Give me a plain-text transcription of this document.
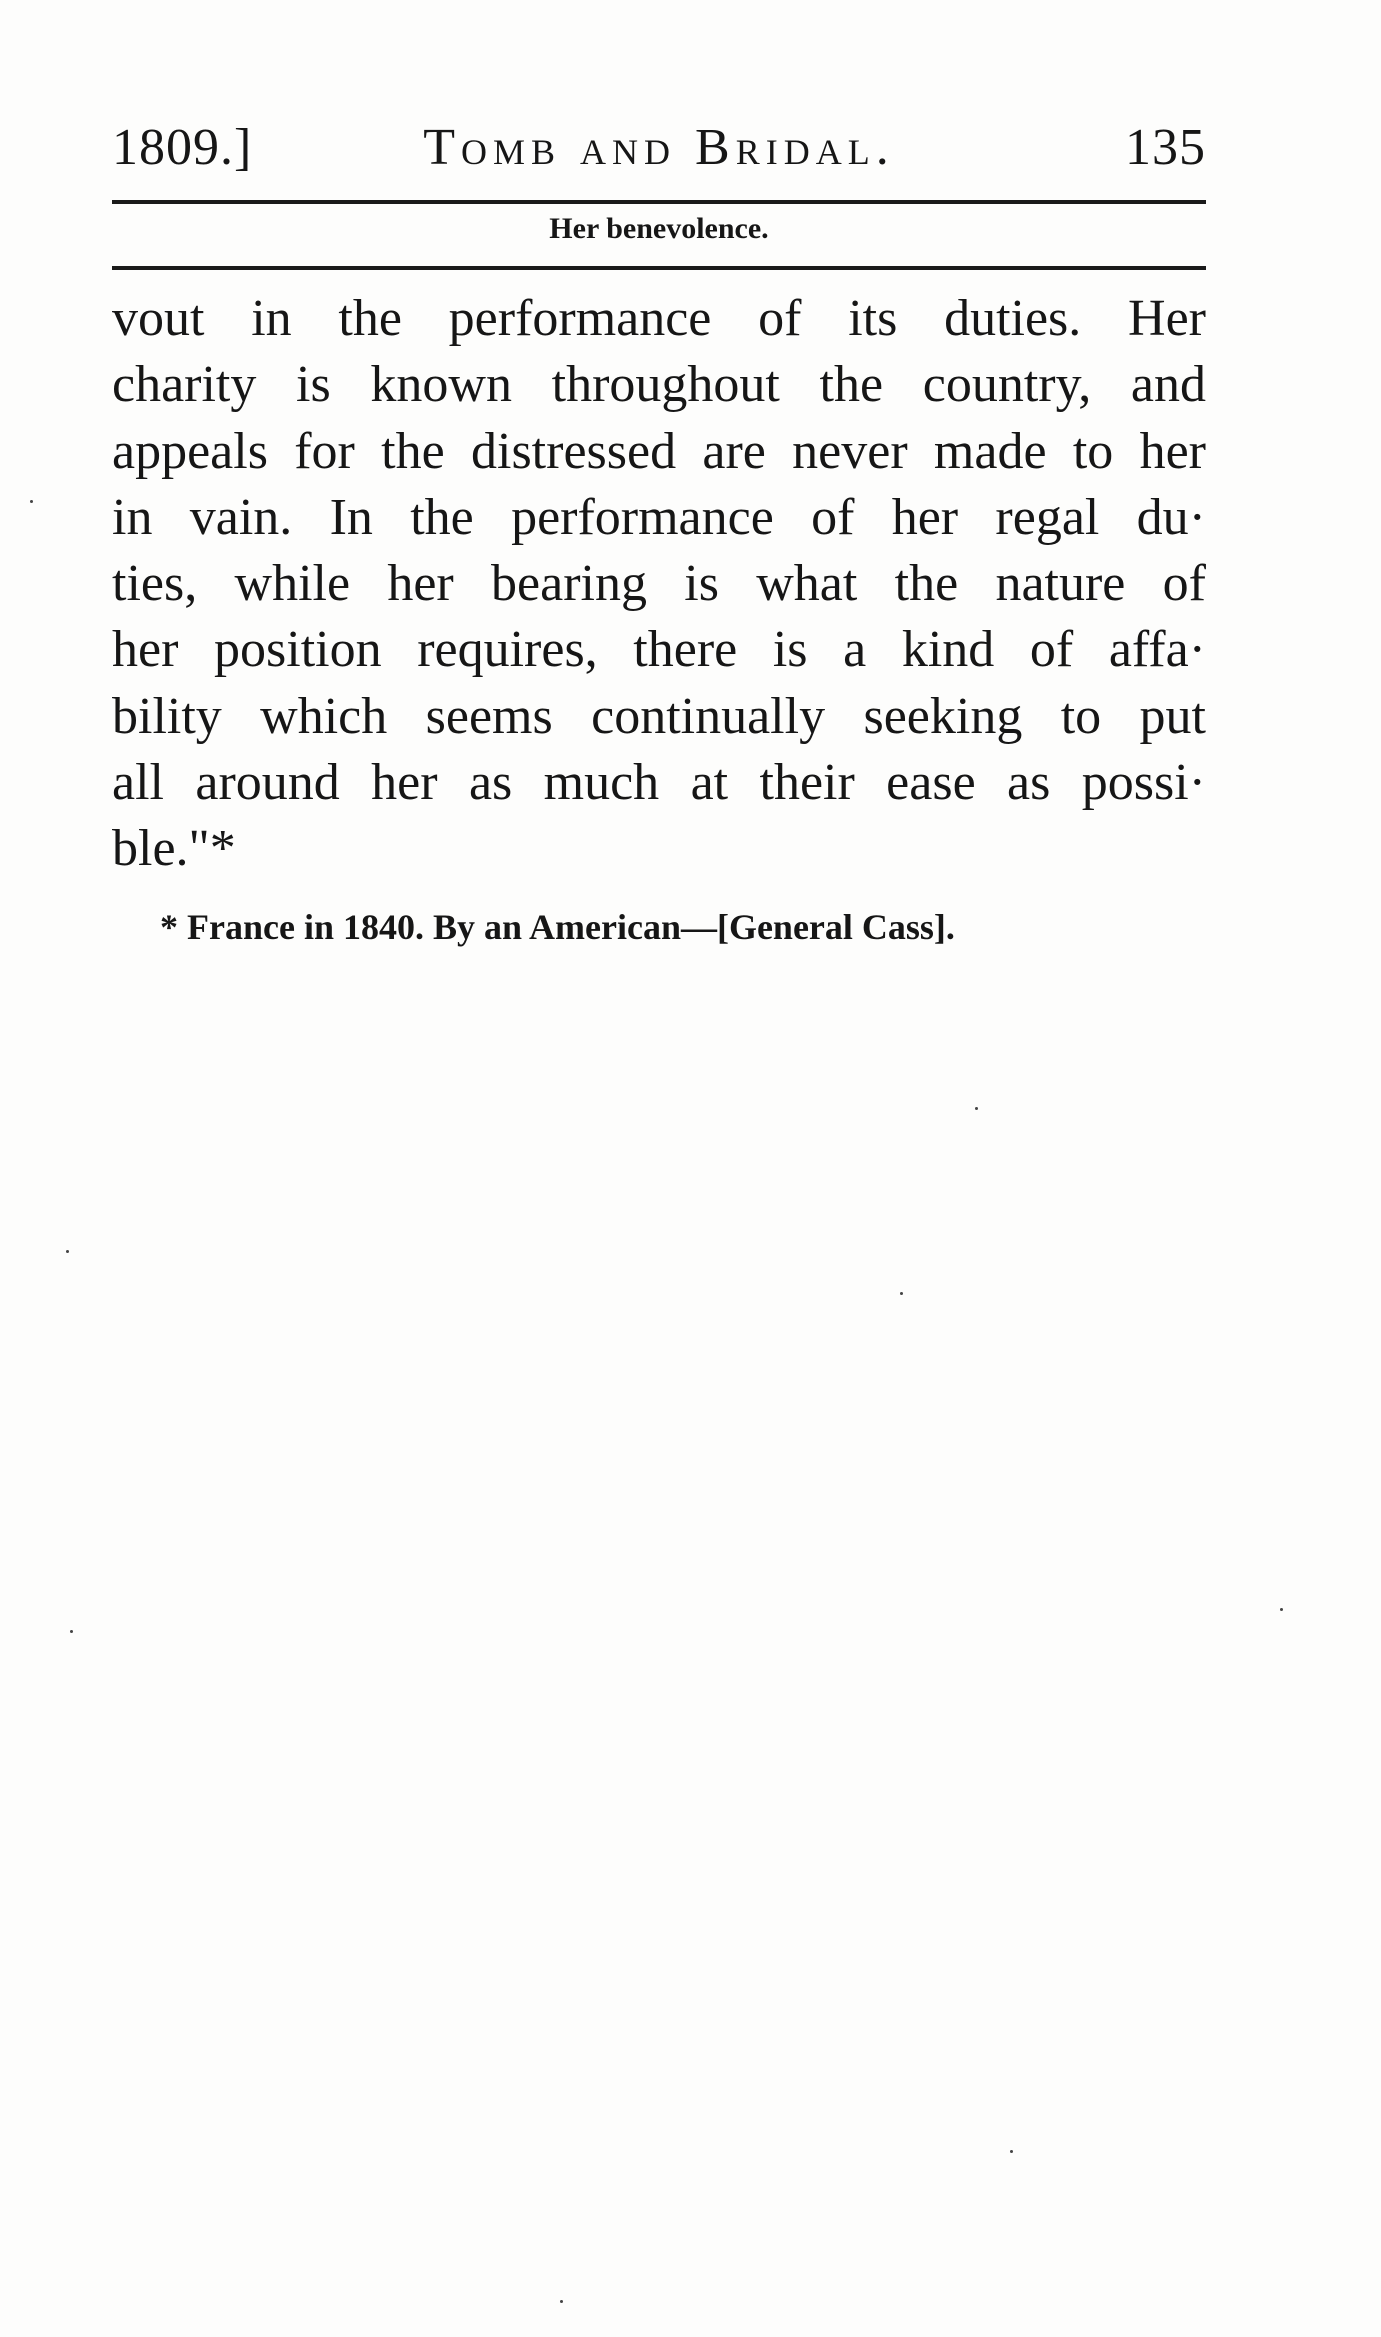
1809.]	Tomb and Bridal.	135
Her benevolence.
vout in the performance of its duties. Her
charity is known throughout the country, and
appeals for the distressed are never made to her
in vain. In the performance of her regal du·
ties, while her bearing is what the nature of
her position requires, there is a kind of affa·
bility which seems continually seeking to put
all around her as much at their ease as possi·
ble."*
* France in 1840. By an American—[General Cass].
